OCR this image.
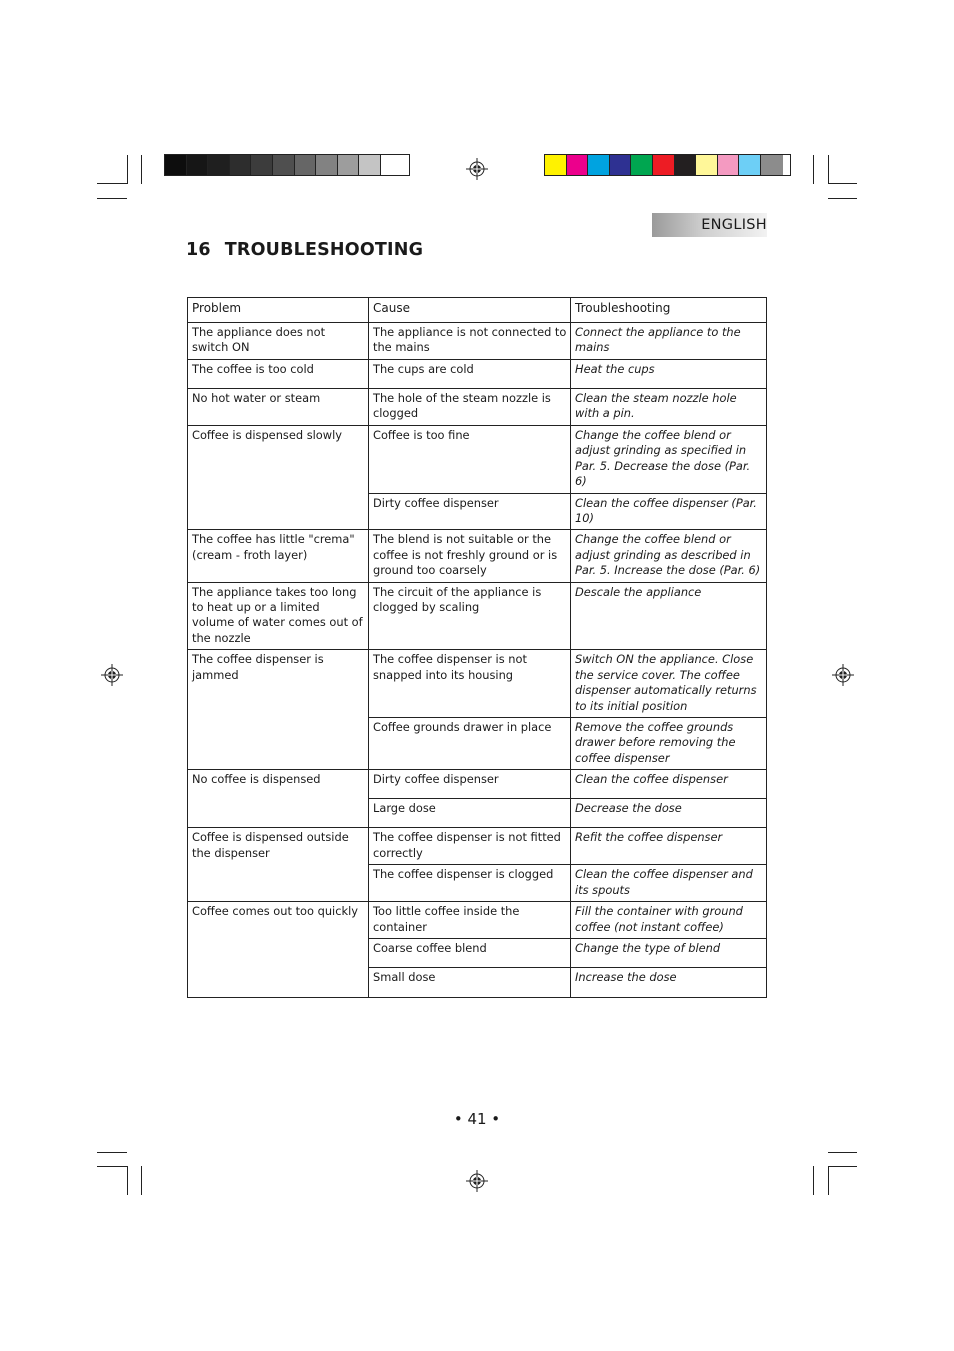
ENGLISH
16 TROUBLESHOOTING
Problem	Cause	Troubleshooting
The appliance does not switch ON	The appliance is not connected to the mains	Connect the appliance to the mains
The coffee is too cold	The cups are cold	Heat the cups
No hot water or steam	The hole of the steam nozzle is clogged	Clean the steam nozzle hole with a pin.
Coffee is dispensed slowly	Coffee is too fine	Change the coffee blend or adjust grinding as specified in Par. 5. Decrease the dose (Par. 6)
	Dirty coffee dispenser	Clean the coffee dispenser (Par. 10)
The coffee has little "crema" (cream - froth layer)	The blend is not suitable or the coffee is not freshly ground or is ground too coarsely	Change the coffee blend or adjust grinding as described in Par. 5. Increase the dose (Par. 6)
The appliance takes too long to heat up or a limited volume of water comes out of the nozzle	The circuit of the appliance is clogged by scaling	Descale the appliance
The coffee dispenser is jammed	The coffee dispenser is not snapped into its housing	Switch ON the appliance. Close the service cover. The coffee dispenser automatically returns to its initial position
	Coffee grounds drawer in place	Remove the coffee grounds drawer before removing the coffee dispenser
No coffee is dispensed	Dirty coffee dispenser	Clean the coffee dispenser
	Large dose	Decrease the dose
Coffee is dispensed outside the dispenser	The coffee dispenser is not fitted correctly	Refit the coffee dispenser
	The coffee dispenser is clogged	Clean the coffee dispenser and its spouts
Coffee comes out too quickly	Too little coffee inside the container	Fill the container with ground coffee (not instant coffee)
	Coarse coffee blend	Change the type of blend
	Small dose	Increase the dose
• 41 •
